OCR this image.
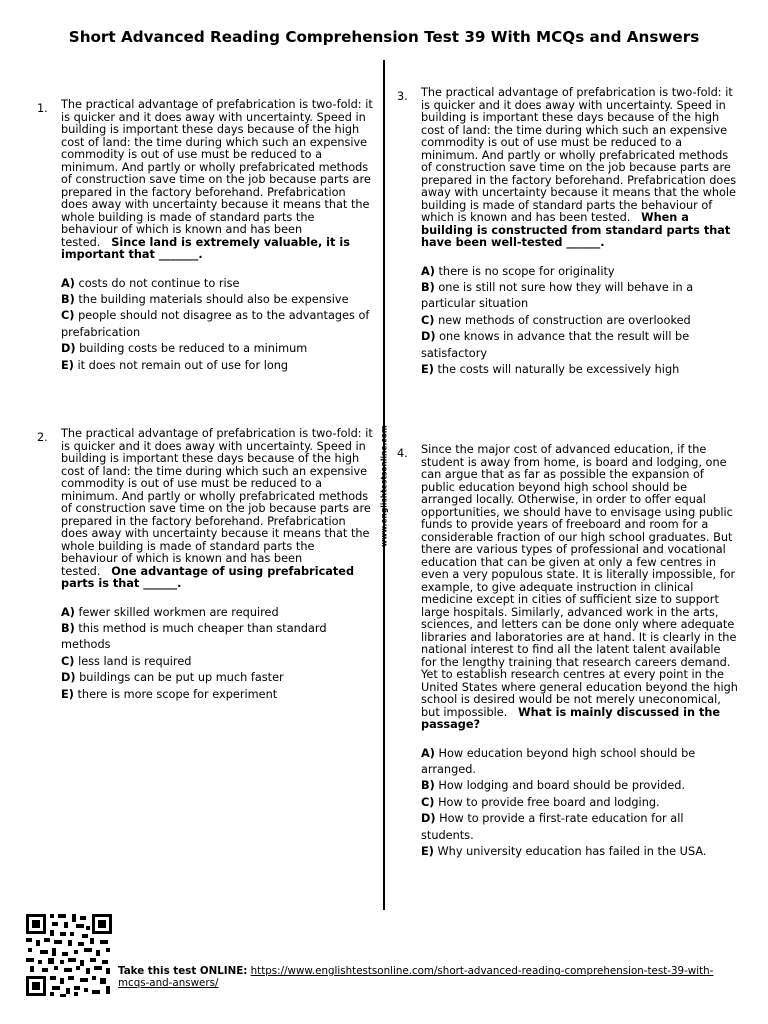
Short Advanced Reading Comprehension Test 39 With MCQs and Answers
www.englishtestsonline.com
1. The practical advantage of prefabrication is two-fold: it is quicker and it does away with uncertainty. Speed in building is important these days because of the high cost of land: the time during which such an expensive commodity is out of use must be reduced to a minimum. And partly or wholly prefabricated methods of construction save time on the job because parts are prepared in the factory beforehand. Prefabrication does away with uncertainty because it means that the whole building is made of standard parts the behaviour of which is known and has been tested. Since land is extremely valuable, it is important that _______.
A) costs do not continue to rise
B) the building materials should also be expensive
C) people should not disagree as to the advantages of prefabrication
D) building costs be reduced to a minimum
E) it does not remain out of use for long
2. The practical advantage of prefabrication is two-fold: it is quicker and it does away with uncertainty. Speed in building is important these days because of the high cost of land: the time during which such an expensive commodity is out of use must be reduced to a minimum. And partly or wholly prefabricated methods of construction save time on the job because parts are prepared in the factory beforehand. Prefabrication does away with uncertainty because it means that the whole building is made of standard parts the behaviour of which is known and has been tested. One advantage of using prefabricated parts is that ______.
A) fewer skilled workmen are required
B) this method is much cheaper than standard methods
C) less land is required
D) buildings can be put up much faster
E) there is more scope for experiment
3. The practical advantage of prefabrication is two-fold: it is quicker and it does away with uncertainty. Speed in building is important these days because of the high cost of land: the time during which such an expensive commodity is out of use must be reduced to a minimum. And partly or wholly prefabricated methods of construction save time on the job because parts are prepared in the factory beforehand. Prefabrication does away with uncertainty because it means that the whole building is made of standard parts the behaviour of which is known and has been tested. When a building is constructed from standard parts that have been well-tested ______.
A) there is no scope for originality
B) one is still not sure how they will behave in a particular situation
C) new methods of construction are overlooked
D) one knows in advance that the result will be satisfactory
E) the costs will naturally be excessively high
4. Since the major cost of advanced education, if the student is away from home, is board and lodging, one can argue that as far as possible the expansion of public education beyond high school should be arranged locally. Otherwise, in order to offer equal opportunities, we should have to envisage using public funds to provide years of freeboard and room for a considerable fraction of our high school graduates. But there are various types of professional and vocational education that can be given at only a few centres in even a very populous state. It is literally impossible, for example, to give adequate instruction in clinical medicine except in cities of sufficient size to support large hospitals. Similarly, advanced work in the arts, sciences, and letters can be done only where adequate libraries and laboratories are at hand. It is clearly in the national interest to find all the latent talent available for the lengthy training that research careers demand. Yet to establish research centres at every point in the United States where general education beyond the high school is desired would be not merely uneconomical, but impossible. What is mainly discussed in the passage?
A) How education beyond high school should be arranged.
B) How lodging and board should be provided.
C) How to provide free board and lodging.
D) How to provide a first-rate education for all students.
E) Why university education has failed in the USA.
Take this test ONLINE: https://www.englishtestsonline.com/short-advanced-reading-comprehension-test-39-with-mcqs-and-answers/
